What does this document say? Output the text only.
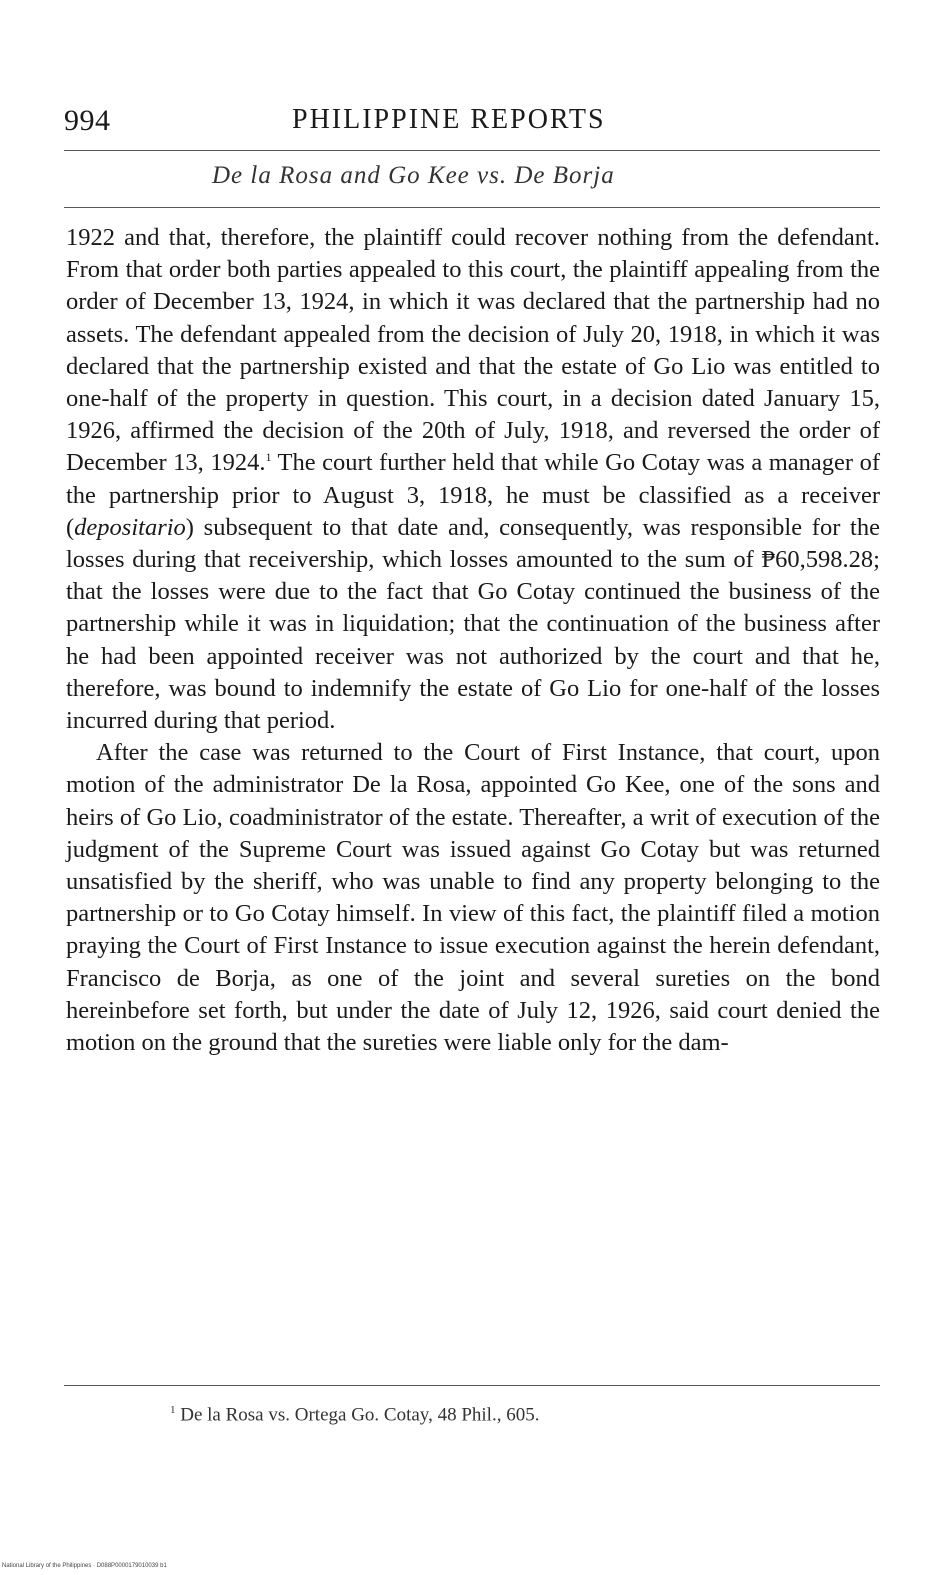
994	PHILIPPINE REPORTS
De la Rosa and Go Kee vs. De Borja

1922 and that, therefore, the plaintiff could recover nothing from the defendant. From that order both parties appealed to this court, the plaintiff appealing from the order of December 13, 1924, in which it was declared that the partnership had no assets. The defendant appealed from the decision of July 20, 1918, in which it was declared that the partnership existed and that the estate of Go Lio was entitled to one-half of the property in question. This court, in a decision dated January 15, 1926, affirmed the decision of the 20th of July, 1918, and reversed the order of December 13, 1924.$^1$ The court further held that while Go Cotay was a manager of the partnership prior to August 3, 1918, he must be classified as a receiver (depositario) subsequent to that date and, consequently, was responsible for the losses during that receivership, which losses amounted to the sum of ₱60,598.28; that the losses were due to the fact that Go Cotay continued the business of the partnership while it was in liquidation; that the continuation of the business after he had been appointed receiver was not authorized by the court and that he, therefore, was bound to indemnify the estate of Go Lio for one-half of the losses incurred during that period.

After the case was returned to the Court of First Instance, that court, upon motion of the administrator De la Rosa, appointed Go Kee, one of the sons and heirs of Go Lio, coadministrator of the estate. Thereafter, a writ of execution of the judgment of the Supreme Court was issued against Go Cotay but was returned unsatisfied by the sheriff, who was unable to find any property belonging to the partnership or to Go Cotay himself. In view of this fact, the plaintiff filed a motion praying the Court of First Instance to issue execution against the herein defendant, Francisco de Borja, as one of the joint and several sureties on the bond hereinbefore set forth, but under the date of July 12, 1926, said court denied the motion on the ground that the sureties were liable only for the dam-

$^1$ De la Rosa vs. Ortega Go. Cotay, 48 Phil., 605.
National Library of the Philippines · D088P0000179010039 b1
